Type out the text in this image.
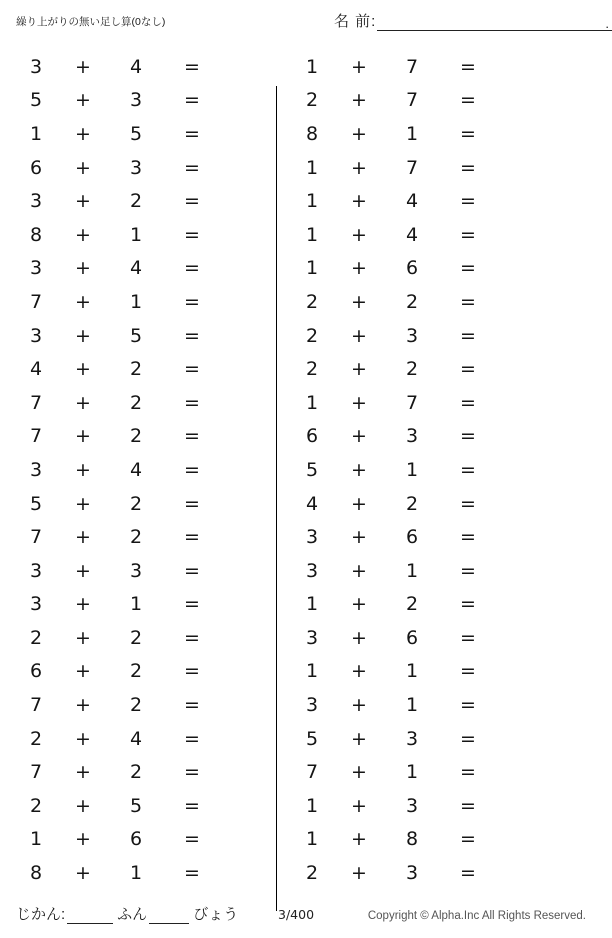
繰り上がりの無い足し算(0なし)	名 前:	.
3	+	4	=
5	+	3	=
1	+	5	=
6	+	3	=
3	+	2	=
8	+	1	=
3	+	4	=
7	+	1	=
3	+	5	=
4	+	2	=
7	+	2	=
7	+	2	=
3	+	4	=
5	+	2	=
7	+	2	=
3	+	3	=
3	+	1	=
2	+	2	=
6	+	2	=
7	+	2	=
2	+	4	=
7	+	2	=
2	+	5	=
1	+	6	=
8	+	1	=
1	+	7	=
2	+	7	=
8	+	1	=
1	+	7	=
1	+	4	=
1	+	4	=
1	+	6	=
2	+	2	=
2	+	3	=
2	+	2	=
1	+	7	=
6	+	3	=
5	+	1	=
4	+	2	=
3	+	6	=
3	+	1	=
1	+	2	=
3	+	6	=
1	+	1	=
3	+	1	=
5	+	3	=
7	+	1	=
1	+	3	=
1	+	8	=
2	+	3	=
じかん:	ふん	びょう	3/400	Copyright © Alpha.Inc All Rights Reserved.
